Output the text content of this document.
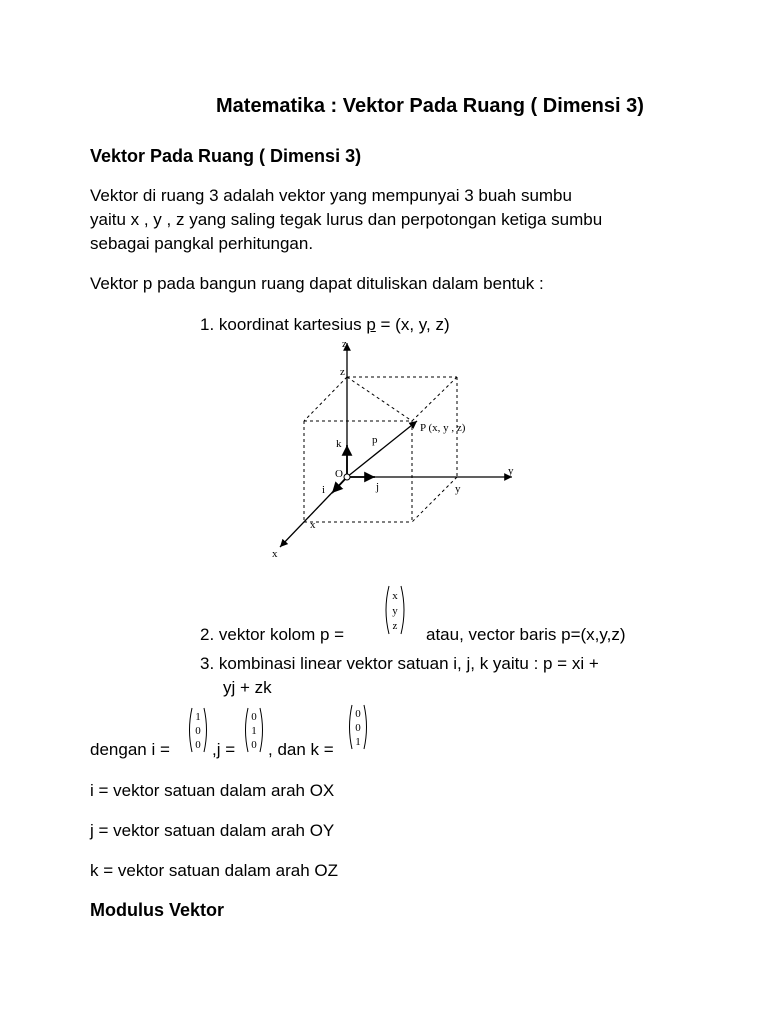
Matematika : Vektor Pada Ruang ( Dimensi 3)
Vektor Pada Ruang ( Dimensi 3)
Vektor di ruang 3 adalah vektor yang mempunyai 3 buah sumbu
yaitu x , y , z yang saling tegak lurus dan perpotongan ketiga sumbu
sebagai pangkal perhitungan.
Vektor p pada bangun ruang dapat dituliskan dalam bentuk :
1. koordinat kartesius p = (x, y, z)
z
z
y
y
x
x
O
k
j
i
p
P (x, y , z)
2. vektor kolom p =
x
y
z atau, vector baris p=(x,y,z)
3. kombinasi linear vektor satuan i, j, k yaitu : p = xi +
yj + zk
dengan i =
1
0
0 ,j =
0
1
0 , dan k =
0
0
1
i = vektor satuan dalam arah OX
j = vektor satuan dalam arah OY
k = vektor satuan dalam arah OZ
Modulus Vektor
